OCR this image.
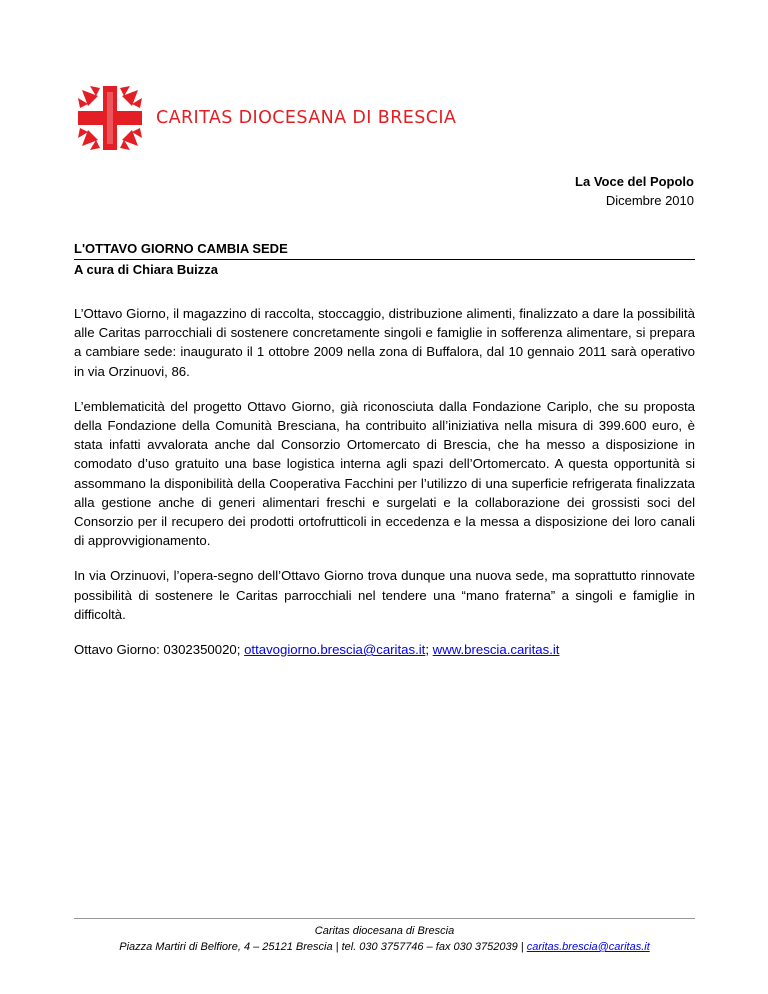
CARITAS DIOCESANA DI BRESCIA
La Voce del Popolo
Dicembre 2010
L'OTTAVO GIORNO CAMBIA SEDE
A cura di Chiara Buizza

L’Ottavo Giorno, il magazzino di raccolta, stoccaggio, distribuzione alimenti, finalizzato a dare la possibilità alle Caritas parrocchiali di sostenere concretamente singoli e famiglie in sofferenza alimentare, si prepara a cambiare sede: inaugurato il 1 ottobre 2009 nella zona di Buffalora, dal 10 gennaio 2011 sarà operativo in via Orzinuovi, 86.

L’emblematicità del progetto Ottavo Giorno, già riconosciuta dalla Fondazione Cariplo, che su proposta della Fondazione della Comunità Bresciana, ha contribuito all’iniziativa nella misura di 399.600 euro, è stata infatti avvalorata anche dal Consorzio Ortomercato di Brescia, che ha messo a disposizione in comodato d’uso gratuito una base logistica interna agli spazi dell’Ortomercato. A questa opportunità si assommano la disponibilità della Cooperativa Facchini per l’utilizzo di una superficie refrigerata finalizzata alla gestione anche di generi alimentari freschi e surgelati e la collaborazione dei grossisti soci del Consorzio per il recupero dei prodotti ortofrutticoli in eccedenza e la messa a disposizione dei loro canali di approvvigionamento.

In via Orzinuovi, l’opera-segno dell’Ottavo Giorno trova dunque una nuova sede, ma soprattutto rinnovate possibilità di sostenere le Caritas parrocchiali nel tendere una “mano fraterna” a singoli e famiglie in difficoltà.

Ottavo Giorno: 0302350020; ottavogiorno.brescia@caritas.it; www.brescia.caritas.it

Caritas diocesana di Brescia
Piazza Martiri di Belfiore, 4 – 25121 Brescia | tel. 030 3757746 – fax 030 3752039 | caritas.brescia@caritas.it
